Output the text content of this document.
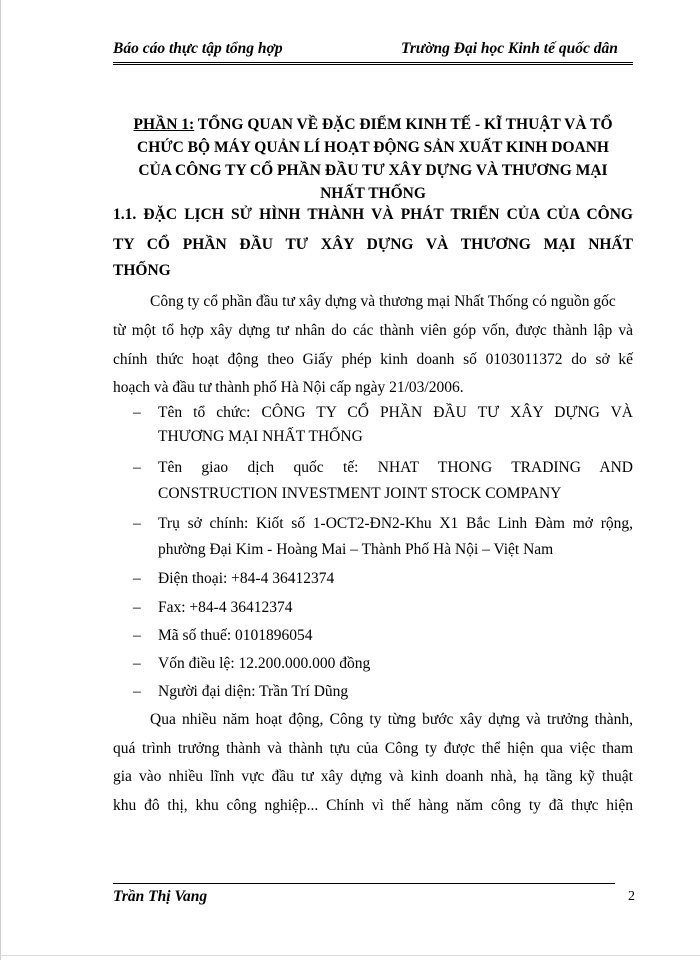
Báo cáo thực tập tổng hợp	Trường Đại học Kinh tế quốc dân
PHẦN 1: TỔNG QUAN VỀ ĐẶC ĐIỂM KINH TẾ - KĨ THUẬT VÀ TỔ
CHỨC BỘ MÁY QUẢN LÍ HOẠT ĐỘNG SẢN XUẤT KINH DOANH
CỦA CÔNG TY CỔ PHẦN ĐẦU TƯ XÂY DỰNG VÀ THƯƠNG MẠI
NHẤT THỐNG
1.1. ĐẶC LỊCH SỬ HÌNH THÀNH VÀ PHÁT TRIỂN CỦA CỦA CÔNG
TY CỔ PHẦN ĐẦU TƯ XÂY DỰNG VÀ THƯƠNG MẠI NHẤT
THỐNG
Công ty cổ phần đầu tư xây dựng và thương mại Nhất Thống có nguồn gốc
từ một tổ hợp xây dựng tư nhân do các thành viên góp vốn, được thành lập và
chính thức hoạt động theo Giấy phép kinh doanh số 0103011372 do sở kế
hoạch và đầu tư thành phố Hà Nội cấp ngày 21/03/2006.
– Tên tổ chức: CÔNG TY CỔ PHẦN ĐẦU TƯ XÂY DỰNG VÀ
THƯƠNG MẠI NHẤT THỐNG
– Tên giao dịch quốc tế: NHAT THONG TRADING AND
CONSTRUCTION INVESTMENT JOINT STOCK COMPANY
– Trụ sở chính: Kiốt số 1-OCT2-ĐN2-Khu X1 Bắc Linh Đàm mở rộng,
phường Đại Kim - Hoàng Mai – Thành Phố Hà Nội – Việt Nam
– Điện thoại: +84-4 36412374
– Fax: +84-4 36412374
– Mã số thuế: 0101896054
– Vốn điều lệ: 12.200.000.000 đồng
– Người đại diện: Trần Trí Dũng
Qua nhiều năm hoạt động, Công ty từng bước xây dựng và trưởng thành,
quá trình trưởng thành và thành tựu của Công ty được thể hiện qua việc tham
gia vào nhiều lĩnh vực đầu tư xây dựng và kinh doanh nhà, hạ tầng kỹ thuật
khu đô thị, khu công nghiệp... Chính vì thế hàng năm công ty đã thực hiện
Trần Thị Vang	2
